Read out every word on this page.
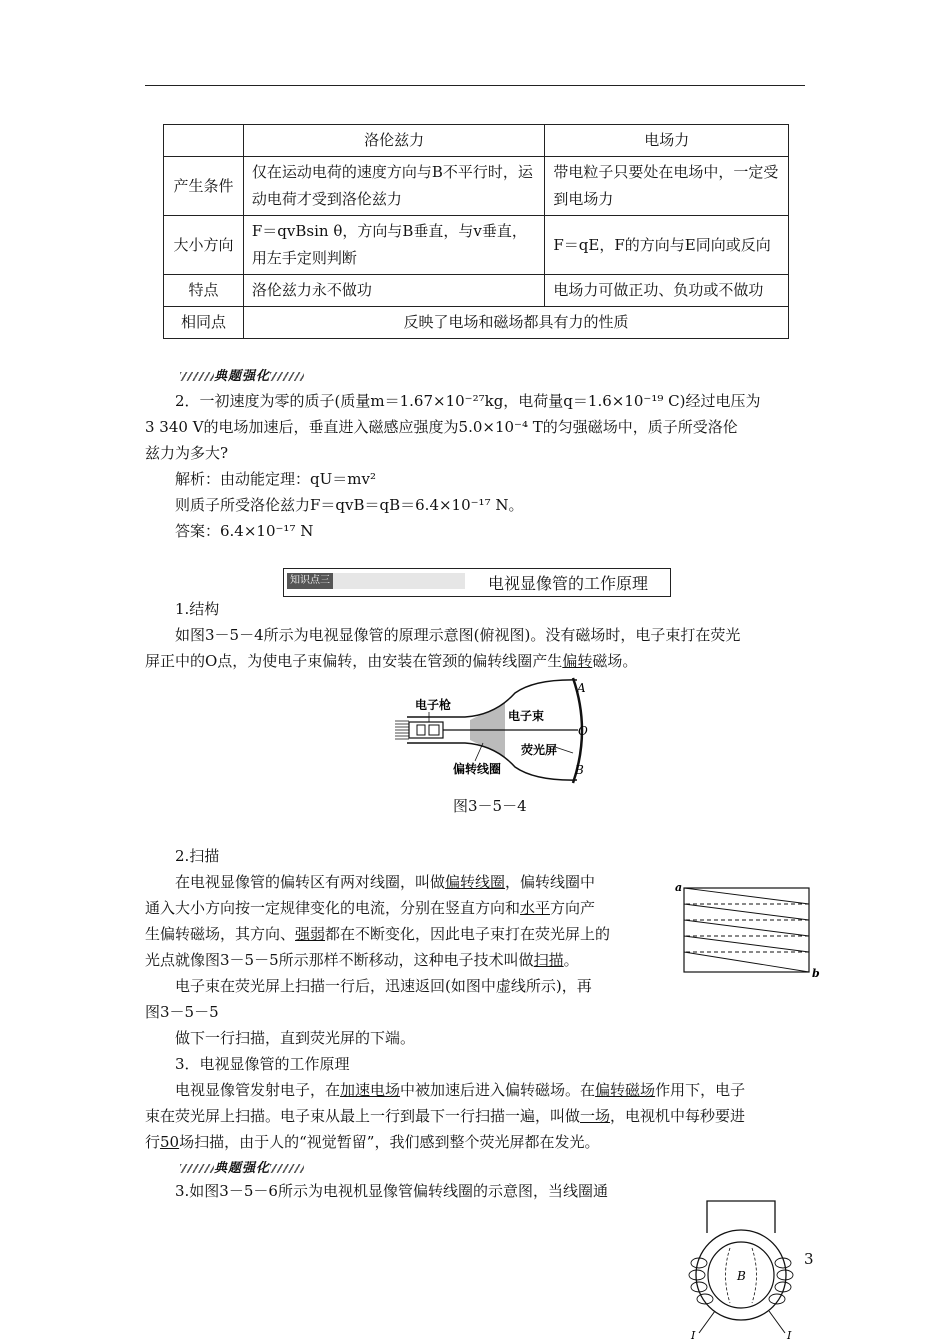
	洛伦兹力	电场力
产生条件	仅在运动电荷的速度方向与B不平行时，运动电荷才受到洛伦兹力	带电粒子只要处在电场中，一定受到电场力
大小方向	F＝qvBsin θ，方向与B垂直，与v垂直，用左手定则判断	F＝qE，F的方向与E同向或反向
特点	洛伦兹力永不做功	电场力可做正功、负功或不做功
相同点	反映了电场和磁场都具有力的性质	
典题强化
2．一初速度为零的质子(质量m＝1.67×10⁻²⁷kg，电荷量q＝1.6×10⁻¹⁹ C)经过电压为
3 340 V的电场加速后，垂直进入磁感应强度为5.0×10⁻⁴ T的匀强磁场中，质子所受洛伦
兹力为多大?
解析：由动能定理：qU＝mv²
则质子所受洛伦兹力F＝qvB＝qB＝6.4×10⁻¹⁷ N。
答案：6.4×10⁻¹⁷ N
知识点三	电视显像管的工作原理
1.结构
如图3－5－4所示为电视显像管的原理示意图(俯视图)。没有磁场时，电子束打在荧光
屏正中的O点，为使电子束偏转，由安装在管颈的偏转线圈产生偏转磁场。
电子枪
电子束
荧光屏
偏转线圈
A
O
B
图3－5－4
2.扫描
在电视显像管的偏转区有两对线圈，叫做偏转线圈，偏转线圈中
通入大小方向按一定规律变化的电流，分别在竖直方向和水平方向产
生偏转磁场，其方向、强弱都在不断变化，因此电子束打在荧光屏上的
光点就像图3－5－5所示那样不断移动，这种电子技术叫做扫描。
电子束在荧光屏上扫描一行后，迅速返回(如图中虚线所示)，再
图3－5－5
做下一行扫描，直到荧光屏的下端。
a
b
3．电视显像管的工作原理
电视显像管发射电子，在加速电场中被加速后进入偏转磁场。在偏转磁场作用下，电子
束在荧光屏上扫描。电子束从最上一行到最下一行扫描一遍，叫做一场，电视机中每秒要进
行50场扫描，由于人的“视觉暂留”，我们感到整个荧光屏都在发光。
典题强化
3.如图3－5－6所示为电视机显像管偏转线圈的示意图，当线圈通
B
I	I
3
